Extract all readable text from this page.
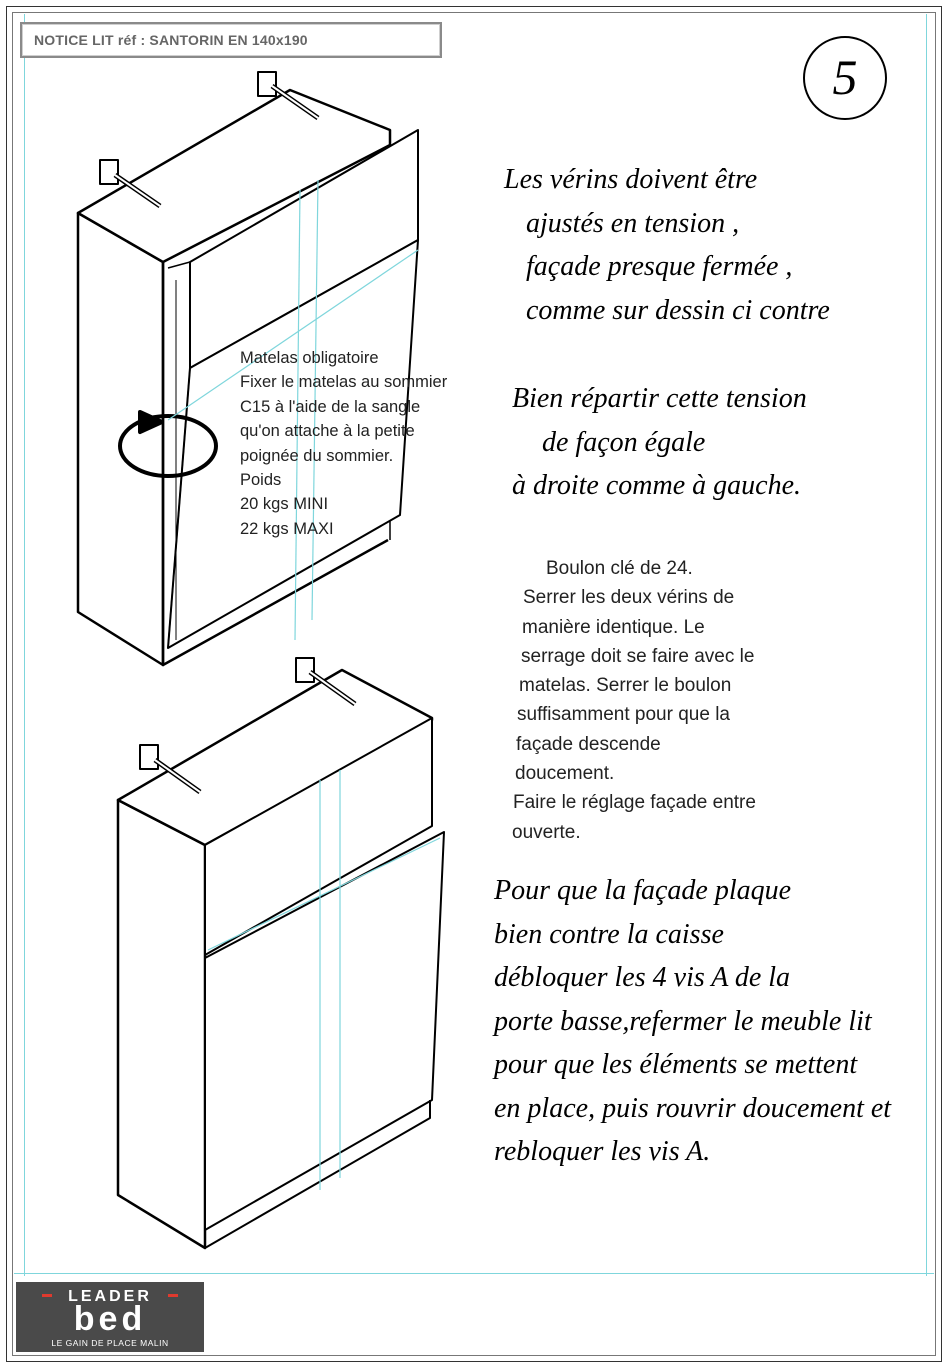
NOTICE LIT réf : SANTORIN EN 140x190
5
Matelas obligatoire
Fixer le matelas au sommier
C15 à l'aide de la sangle
qu'on attache à la petite
poignée du sommier.
Poids
20 kgs MINI
22 kgs MAXI
Les vérins doivent être
ajustés en tension ,
façade presque fermée ,
comme sur dessin ci contre
Bien répartir cette tension
de façon égale
à droite comme à gauche.
Boulon clé de 24.
Serrer les deux vérins de
manière identique. Le
serrage doit se faire avec le
matelas. Serrer le boulon
suffisamment pour que la
façade descende
doucement.
Faire le réglage façade entre
ouverte.
Pour que la façade plaque
bien contre la caisse
débloquer les 4 vis A de la
porte basse,refermer le meuble lit
pour que les éléments se mettent
en place, puis rouvrir doucement et
rebloquer les vis A.
LEADER
bed
LE GAIN DE PLACE MALIN
